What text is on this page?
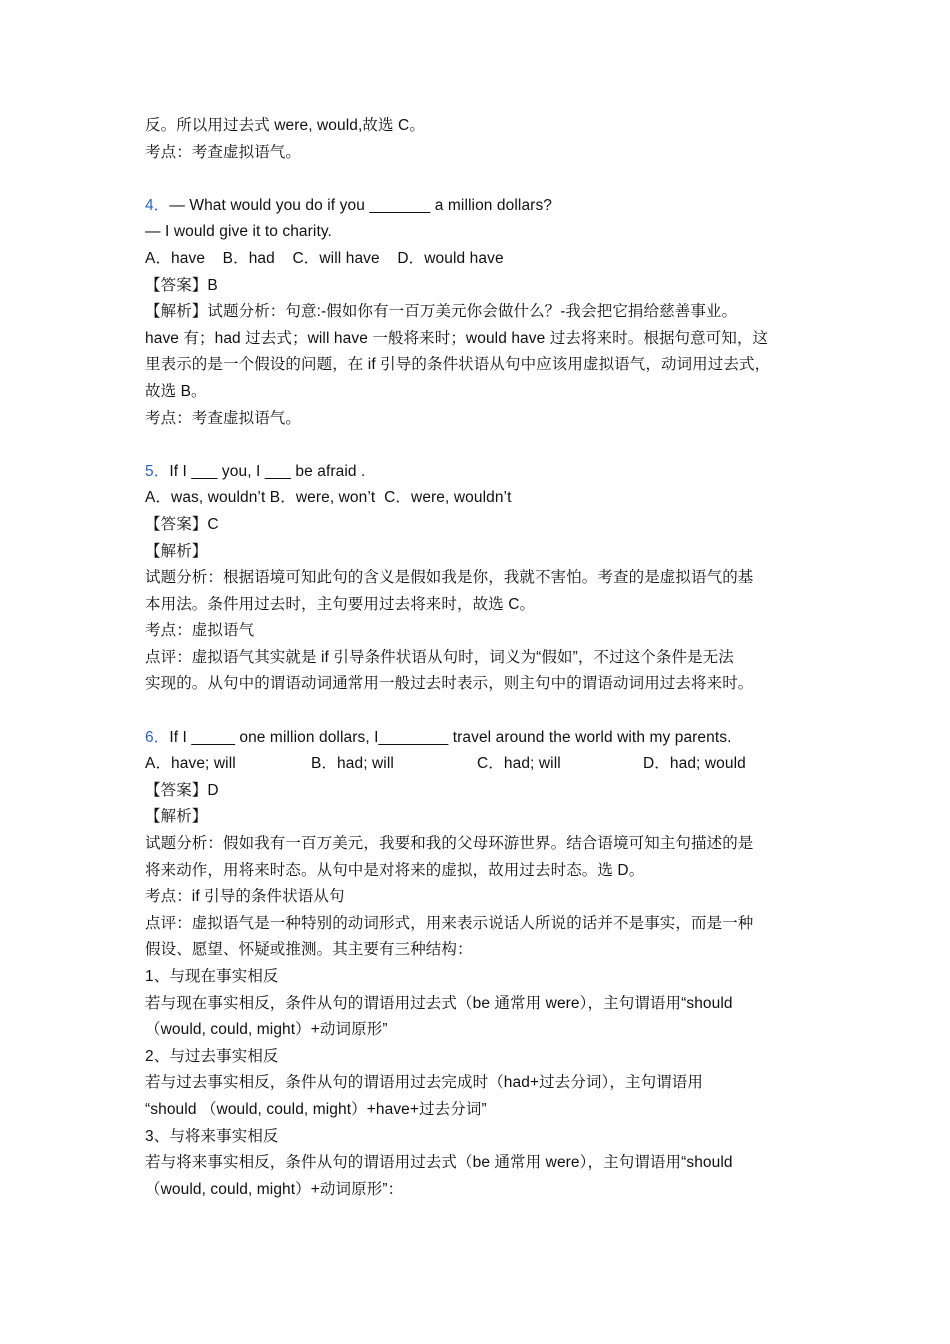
反。所以用过去式 were, would,故选 C。
考点：考查虚拟语气。
4．— What would you do if you _______ a million dollars?
— I would give it to charity.
A．have    B．had    C．will have    D．would have
【答案】B
【解析】试题分析：句意:-假如你有一百万美元你会做什么？-我会把它捐给慈善事业。
have 有；had 过去式；will have 一般将来时；would have 过去将来时。根据句意可知，这
里表示的是一个假设的问题，在 if 引导的条件状语从句中应该用虚拟语气，动词用过去式，
故选 B。
考点：考查虚拟语气。
5．If I ___ you, I ___ be afraid .
A．was, wouldn’t B．were, won’t  C．were, wouldn’t
【答案】C
【解析】
试题分析：根据语境可知此句的含义是假如我是你，我就不害怕。考查的是虚拟语气的基
本用法。条件用过去时，主句要用过去将来时，故选 C。
考点：虚拟语气
点评：虚拟语气其实就是 if 引导条件状语从句时，词义为“假如”，不过这个条件是无法
实现的。从句中的谓语动词通常用一般过去时表示，则主句中的谓语动词用过去将来时。
6．If I _____ one million dollars, I________ travel around the world with my parents.
A．have; will	B．had; will	C．had; will	D．had; would
【答案】D
【解析】
试题分析：假如我有一百万美元，我要和我的父母环游世界。结合语境可知主句描述的是
将来动作，用将来时态。从句中是对将来的虚拟，故用过去时态。选 D。
考点：if 引导的条件状语从句
点评：虚拟语气是一种特别的动词形式，用来表示说话人所说的话并不是事实，而是一种
假设、愿望、怀疑或推测。其主要有三种结构：
1、与现在事实相反
若与现在事实相反，条件从句的谓语用过去式（be 通常用 were），主句谓语用“should
（would, could, might）+动词原形”
2、与过去事实相反
若与过去事实相反，条件从句的谓语用过去完成时（had+过去分词），主句谓语用
“should （would, could, might）+have+过去分词”
3、与将来事实相反
若与将来事实相反，条件从句的谓语用过去式（be 通常用 were），主句谓语用“should
（would, could, might）+动词原形”：
